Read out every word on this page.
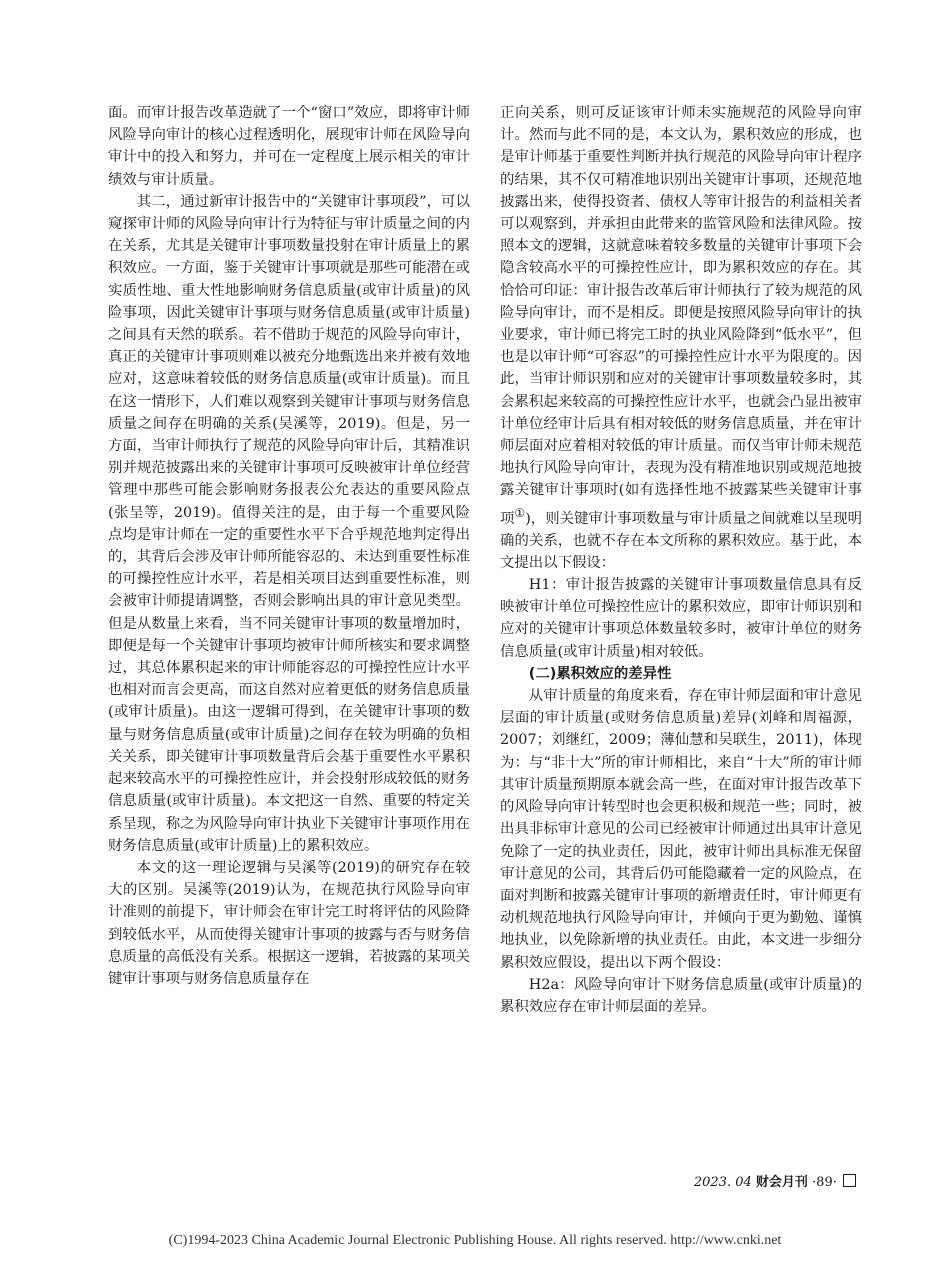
面。而审计报告改革造就了一个“窗口”效应，即将审计师风险导向审计的核心过程透明化，展现审计师在风险导向审计中的投入和努力，并可在一定程度上展示相关的审计绩效与审计质量。

其二，通过新审计报告中的“关键审计事项段”，可以窥探审计师的风险导向审计行为特征与审计质量之间的内在关系，尤其是关键审计事项数量投射在审计质量上的累积效应。一方面，鉴于关键审计事项就是那些可能潜在或实质性地、重大性地影响财务信息质量(或审计质量)的风险事项，因此关键审计事项与财务信息质量(或审计质量)之间具有天然的联系。若不借助于规范的风险导向审计，真正的关键审计事项则难以被充分地甄选出来并被有效地应对，这意味着较低的财务信息质量(或审计质量)。而且在这一情形下，人们难以观察到关键审计事项与财务信息质量之间存在明确的关系(吴溪等，2019)。但是，另一方面，当审计师执行了规范的风险导向审计后，其精准识别并规范披露出来的关键审计事项可反映被审计单位经营管理中那些可能会影响财务报表公允表达的重要风险点(张呈等，2019)。值得关注的是，由于每一个重要风险点均是审计师在一定的重要性水平下合乎规范地判定得出的，其背后会涉及审计师所能容忍的、未达到重要性标准的可操控性应计水平，若是相关项目达到重要性标准，则会被审计师提请调整，否则会影响出具的审计意见类型。但是从数量上来看，当不同关键审计事项的数量增加时，即便是每一个关键审计事项均被审计师所核实和要求调整过，其总体累积起来的审计师能容忍的可操控性应计水平也相对而言会更高，而这自然对应着更低的财务信息质量(或审计质量)。由这一逻辑可得到，在关键审计事项的数量与财务信息质量(或审计质量)之间存在较为明确的负相关关系，即关键审计事项数量背后会基于重要性水平累积起来较高水平的可操控性应计，并会投射形成较低的财务信息质量(或审计质量)。本文把这一自然、重要的特定关系呈现，称之为风险导向审计执业下关键审计事项作用在财务信息质量(或审计质量)上的累积效应。

本文的这一理论逻辑与吴溪等(2019)的研究存在较大的区别。吴溪等(2019)认为，在规范执行风险导向审计准则的前提下，审计师会在审计完工时将评估的风险降到较低水平，从而使得关键审计事项的披露与否与财务信息质量的高低没有关系。根据这一逻辑，若披露的某项关键审计事项与财务信息质量存在

正向关系，则可反证该审计师未实施规范的风险导向审计。然而与此不同的是，本文认为，累积效应的形成，也是审计师基于重要性判断并执行规范的风险导向审计程序的结果，其不仅可精准地识别出关键审计事项，还规范地披露出来，使得投资者、债权人等审计报告的利益相关者可以观察到，并承担由此带来的监管风险和法律风险。按照本文的逻辑，这就意味着较多数量的关键审计事项下会隐含较高水平的可操控性应计，即为累积效应的存在。其恰恰可印证：审计报告改革后审计师执行了较为规范的风险导向审计，而不是相反。即便是按照风险导向审计的执业要求，审计师已将完工时的执业风险降到“低水平”，但也是以审计师“可容忍”的可操控性应计水平为限度的。因此，当审计师识别和应对的关键审计事项数量较多时，其会累积起来较高的可操控性应计水平，也就会凸显出被审计单位经审计后具有相对较低的财务信息质量，并在审计师层面对应着相对较低的审计质量。而仅当审计师未规范地执行风险导向审计，表现为没有精准地识别或规范地披露关键审计事项时(如有选择性地不披露某些关键审计事项①)，则关键审计事项数量与审计质量之间就难以呈现明确的关系，也就不存在本文所称的累积效应。基于此，本文提出以下假设：

H1：审计报告披露的关键审计事项数量信息具有反映被审计单位可操控性应计的累积效应，即审计师识别和应对的关键审计事项总体数量较多时，被审计单位的财务信息质量(或审计质量)相对较低。

(二)累积效应的差异性

从审计质量的角度来看，存在审计师层面和审计意见层面的审计质量(或财务信息质量)差异(刘峰和周福源，2007；刘继红，2009；薄仙慧和吴联生，2011)，体现为：与“非十大”所的审计师相比，来自“十大”所的审计师其审计质量预期原本就会高一些，在面对审计报告改革下的风险导向审计转型时也会更积极和规范一些；同时，被出具非标审计意见的公司已经被审计师通过出具审计意见免除了一定的执业责任，因此，被审计师出具标准无保留审计意见的公司，其背后仍可能隐藏着一定的风险点，在面对判断和披露关键审计事项的新增责任时，审计师更有动机规范地执行风险导向审计，并倾向于更为勤勉、谨慎地执业，以免除新增的执业责任。由此，本文进一步细分累积效应假设，提出以下两个假设：

H2a：风险导向审计下财务信息质量(或审计质量)的累积效应存在审计师层面的差异。

2023. 04 财会月刊 ·89·
(C)1994-2023 China Academic Journal Electronic Publishing House. All rights reserved. http://www.cnki.net
